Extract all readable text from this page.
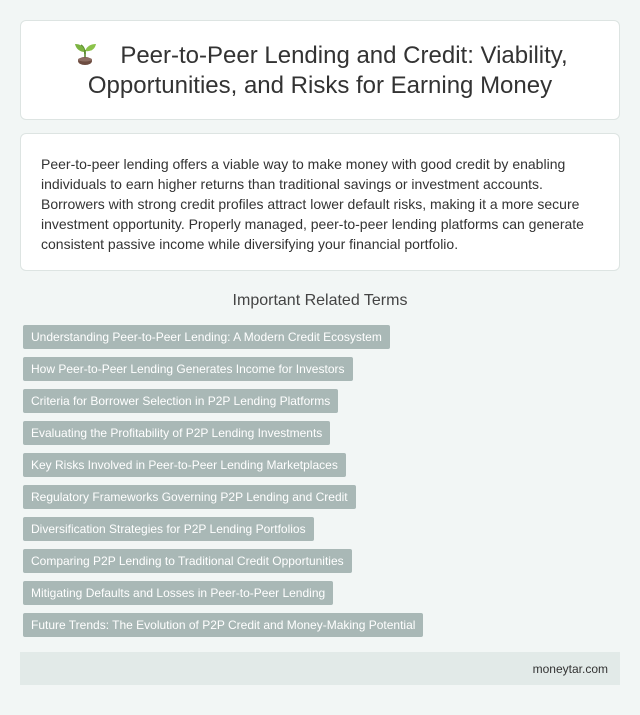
Peer-to-Peer Lending and Credit: Viability, Opportunities, and Risks for Earning Money

Peer-to-peer lending offers a viable way to make money with good credit by enabling individuals to earn higher returns than traditional savings or investment accounts. Borrowers with strong credit profiles attract lower default risks, making it a more secure investment opportunity. Properly managed, peer-to-peer lending platforms can generate consistent passive income while diversifying your financial portfolio.

Important Related Terms
Understanding Peer-to-Peer Lending: A Modern Credit Ecosystem
How Peer-to-Peer Lending Generates Income for Investors
Criteria for Borrower Selection in P2P Lending Platforms
Evaluating the Profitability of P2P Lending Investments
Key Risks Involved in Peer-to-Peer Lending Marketplaces
Regulatory Frameworks Governing P2P Lending and Credit
Diversification Strategies for P2P Lending Portfolios
Comparing P2P Lending to Traditional Credit Opportunities
Mitigating Defaults and Losses in Peer-to-Peer Lending
Future Trends: The Evolution of P2P Credit and Money-Making Potential
moneytar.com
